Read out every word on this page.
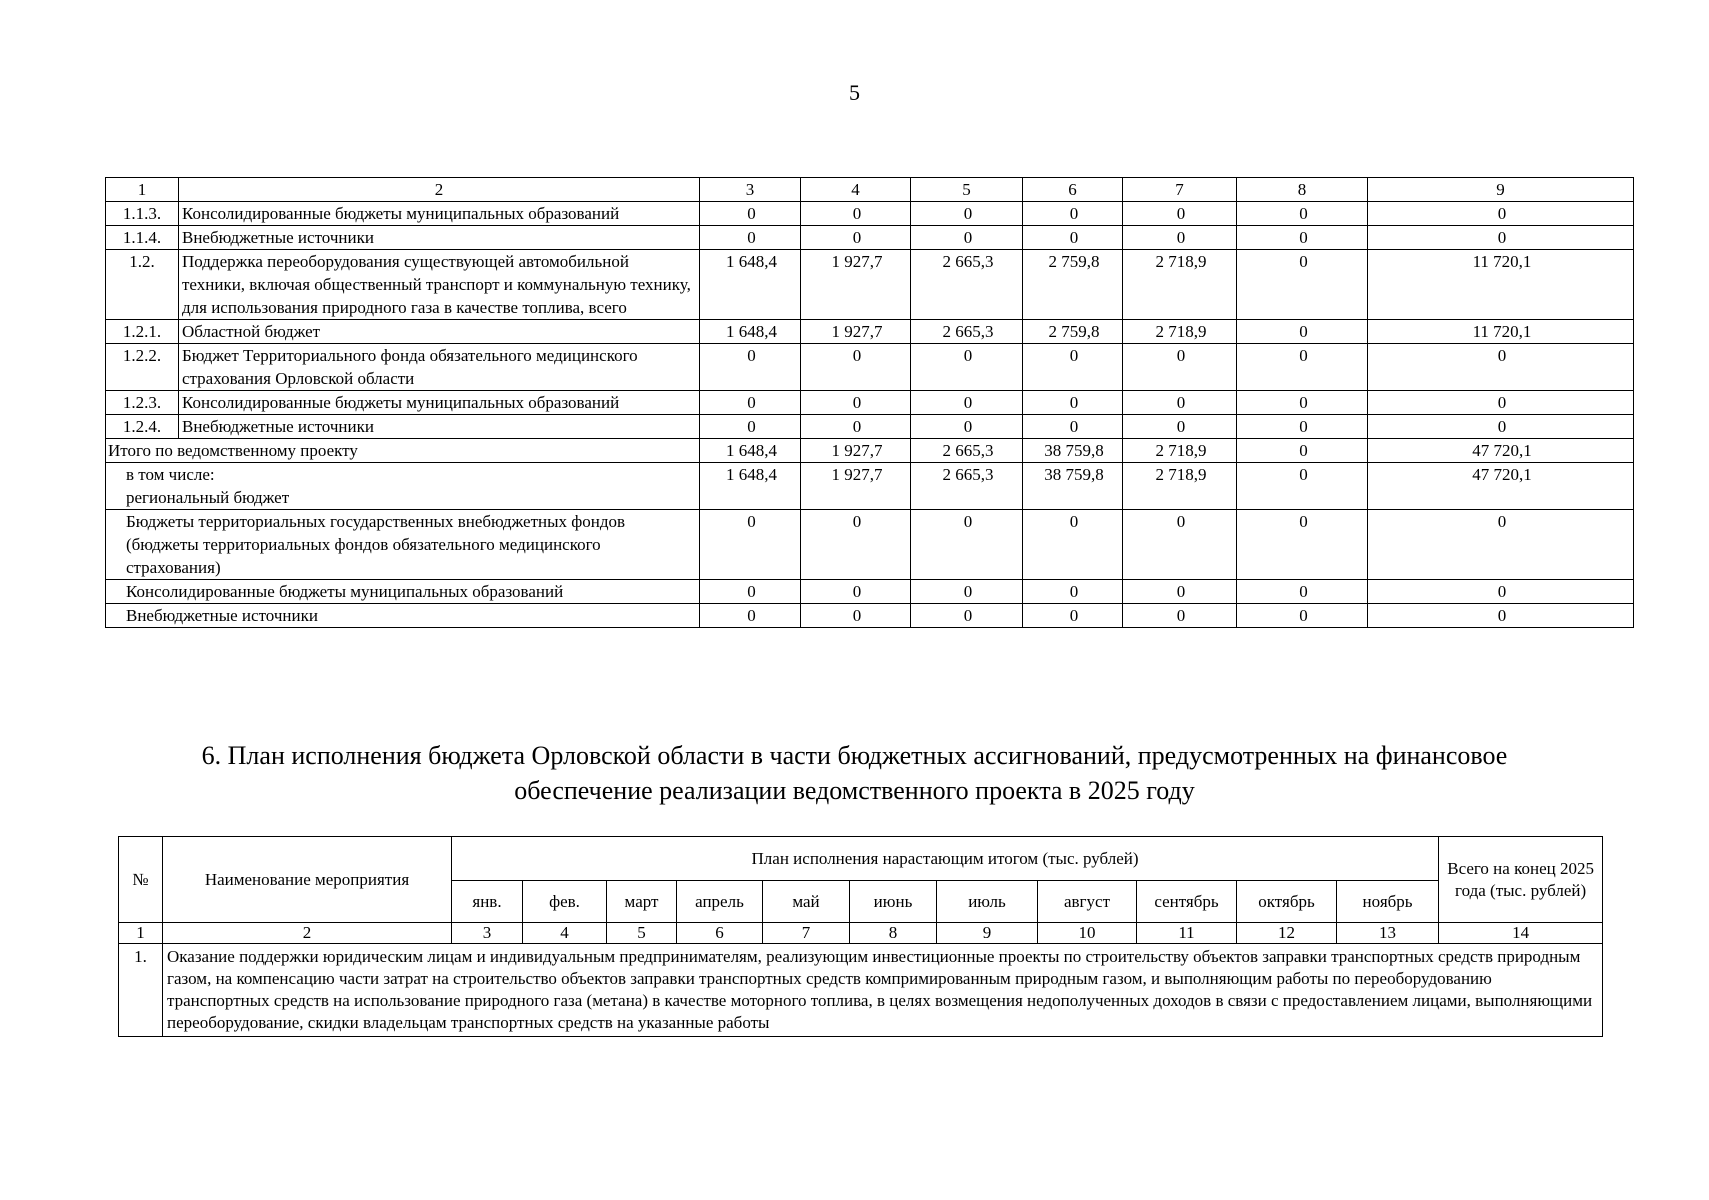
5
1	2	3	4	5	6	7	8	9
1.1.3.	Консолидированные бюджеты муниципальных образований	0	0	0	0	0	0	0
1.1.4.	Внебюджетные источники	0	0	0	0	0	0	0
1.2.	Поддержка переоборудования существующей автомобильной техники, включая общественный транспорт и коммунальную технику, для использования природного газа в качестве топлива, всего	1 648,4	1 927,7	2 665,3	2 759,8	2 718,9	0	11 720,1
1.2.1.	Областной бюджет	1 648,4	1 927,7	2 665,3	2 759,8	2 718,9	0	11 720,1
1.2.2.	Бюджет Территориального фонда обязательного медицинского страхования Орловской области	0	0	0	0	0	0	0
1.2.3.	Консолидированные бюджеты муниципальных образований	0	0	0	0	0	0	0
1.2.4.	Внебюджетные источники	0	0	0	0	0	0	0
Итого по ведомственному проекту		1 648,4	1 927,7	2 665,3	38 759,8	2 718,9	0	47 720,1

в том числе:
региональный бюджет		1 648,4	1 927,7	2 665,3	38 759,8	2 718,9	0	47 720,1
Бюджеты территориальных государственных внебюджетных фондов (бюджеты территориальных фондов обязательного медицинского страхования)		0	0	0	0	0	0	0
Консолидированные бюджеты муниципальных образований		0	0	0	0	0	0	0
Внебюджетные источники		0	0	0	0	0	0	0
6. План исполнения бюджета Орловской области в части бюджетных ассигнований, предусмотренных на финансовое
обеспечение реализации ведомственного проекта в 2025 году
№	Наименование мероприятия	План исполнения нарастающим итогом (тыс. рублей)											Всего на конец 2025 года (тыс. рублей)
		янв.	фев.	март	апрель	май	июнь	июль	август	сентябрь	октябрь	ноябрь	
1	2	3	4	5	6	7	8	9	10	11	12	13	14
1.	Оказание поддержки юридическим лицам и индивидуальным предпринимателям, реализующим инвестиционные проекты по строительству объектов заправки транспортных средств природным газом, на компенсацию части затрат на строительство объектов заправки транспортных средств компримированным природным газом, и выполняющим работы по переоборудованию транспортных средств на использование природного газа (метана) в качестве моторного топлива, в целях возмещения недополученных доходов в связи с предоставлением лицами, выполняющими переоборудование, скидки владельцам транспортных средств на указанные работы												
